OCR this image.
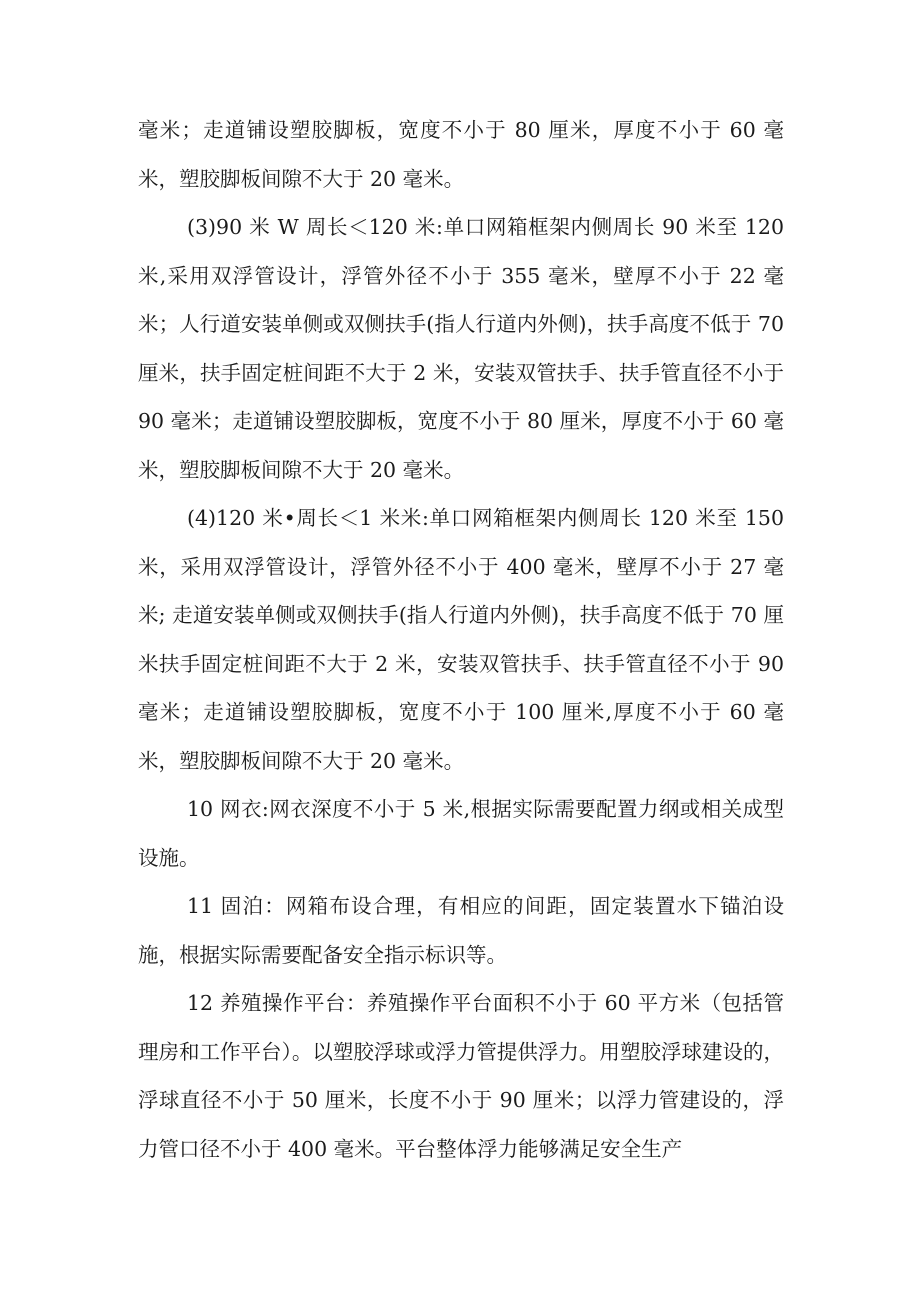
毫米；走道铺设塑胶脚板，宽度不小于 80 厘米，厚度不小于 60 毫米，塑胶脚板间隙不大于 20 毫米。

(3)90 米 W 周长＜120 米:单口网箱框架内侧周长 90 米至 120 米,采用双浮管设计，浮管外径不小于 355 毫米，壁厚不小于 22 毫米；人行道安装单侧或双侧扶手(指人行道内外侧)，扶手高度不低于 70 厘米，扶手固定桩间距不大于 2 米，安装双管扶手、扶手管直径不小于 90 毫米；走道铺设塑胶脚板，宽度不小于 80 厘米，厚度不小于 60 毫米，塑胶脚板间隙不大于 20 毫米。

(4)120 米•周长＜1 米米:单口网箱框架内侧周长 120 米至 150 米，采用双浮管设计，浮管外径不小于 400 毫米，壁厚不小于 27 毫米; 走道安装单侧或双侧扶手(指人行道内外侧)，扶手高度不低于 70 厘米扶手固定桩间距不大于 2 米，安装双管扶手、扶手管直径不小于 90 毫米；走道铺设塑胶脚板，宽度不小于 100 厘米,厚度不小于 60 毫米，塑胶脚板间隙不大于 20 毫米。

10 网衣:网衣深度不小于 5 米,根据实际需要配置力纲或相关成型设施。

11 固泊：网箱布设合理，有相应的间距，固定装置水下锚泊设施，根据实际需要配备安全指示标识等。

12 养殖操作平台：养殖操作平台面积不小于 60 平方米（包括管理房和工作平台）。以塑胶浮球或浮力管提供浮力。用塑胶浮球建设的，浮球直径不小于 50 厘米，长度不小于 90 厘米；以浮力管建设的，浮力管口径不小于 400 毫米。平台整体浮力能够满足安全生产
